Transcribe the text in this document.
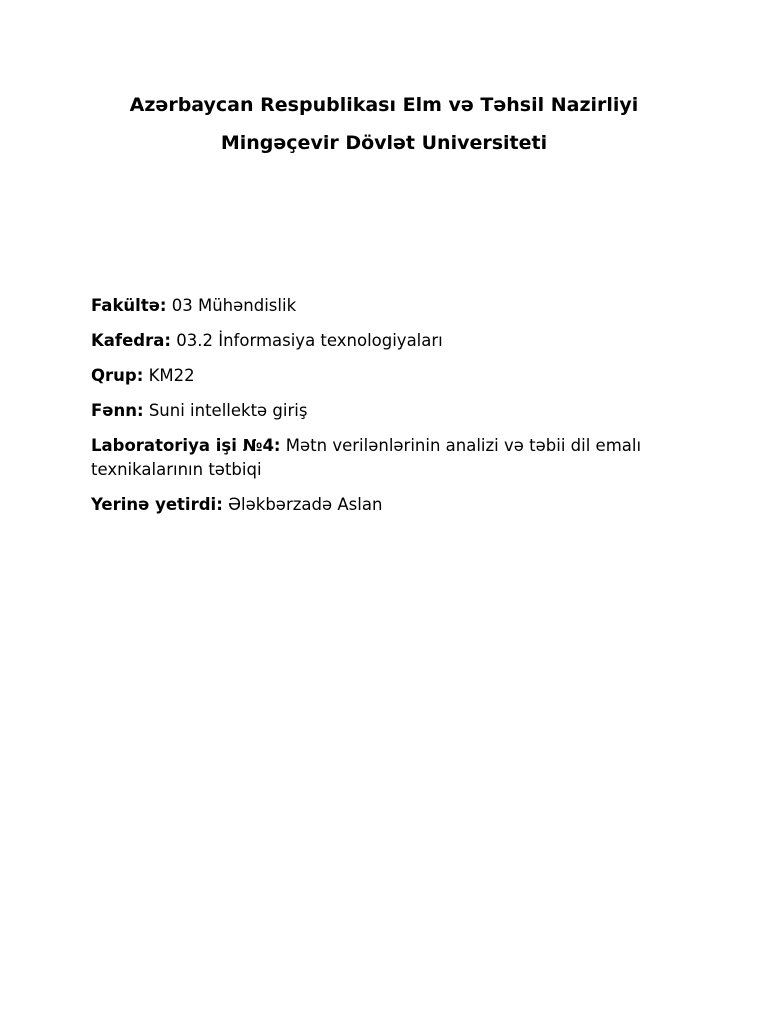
Azərbaycan Respublikası Elm və Təhsil Nazirliyi
Mingəçevir Dövlət Universiteti

Fakültə: 03 Mühəndislik

Kafedra: 03.2 İnformasiya texnologiyaları

Qrup: KM22

Fənn: Suni intellektə giriş

Laboratoriya işi №4: Mətn verilənlərinin analizi və təbii dil emalı texnikalarının tətbiqi

Yerinə yetirdi: Ələkbərzadə Aslan
